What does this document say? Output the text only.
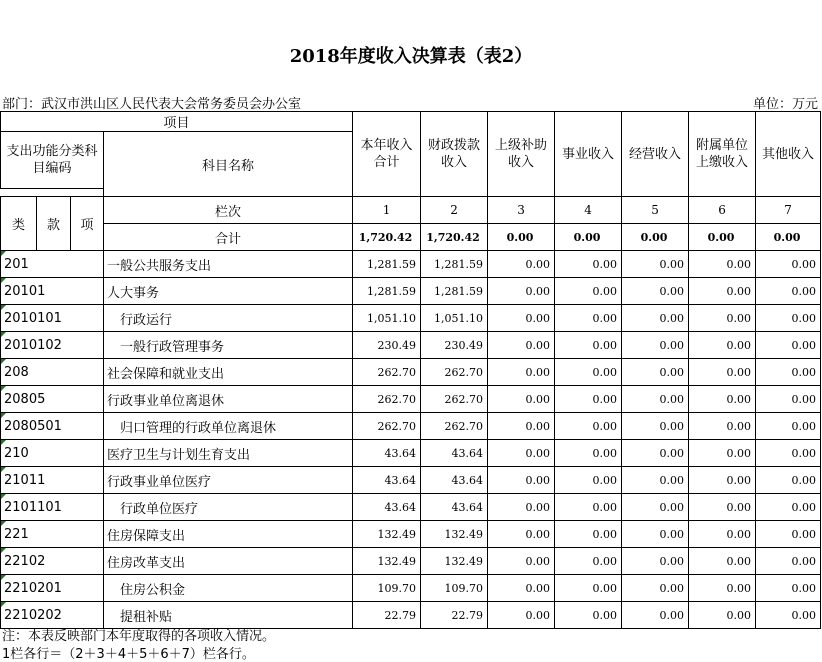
2018年度收入决算表（表2）
部门：武汉市洪山区人民代表大会常务委员会办公室	单位：万元
项目				本年收入合计	财政拨款收入	上级补助收入	事业收入	经营收入	附属单位上缴收入	其他收入
支出功能分类科目编码			科目名称							

类	款	项	栏次	1	2	3	4	5	6	7
			合计	1,720.42	1,720.42	0.00	0.00	0.00	0.00	0.00
201			一般公共服务支出	1,281.59	1,281.59	0.00	0.00	0.00	0.00	0.00
20101			人大事务	1,281.59	1,281.59	0.00	0.00	0.00	0.00	0.00
2010101			行政运行	1,051.10	1,051.10	0.00	0.00	0.00	0.00	0.00
2010102			一般行政管理事务	230.49	230.49	0.00	0.00	0.00	0.00	0.00
208			社会保障和就业支出	262.70	262.70	0.00	0.00	0.00	0.00	0.00
20805			行政事业单位离退休	262.70	262.70	0.00	0.00	0.00	0.00	0.00
2080501			归口管理的行政单位离退休	262.70	262.70	0.00	0.00	0.00	0.00	0.00
210			医疗卫生与计划生育支出	43.64	43.64	0.00	0.00	0.00	0.00	0.00
21011			行政事业单位医疗	43.64	43.64	0.00	0.00	0.00	0.00	0.00
2101101			行政单位医疗	43.64	43.64	0.00	0.00	0.00	0.00	0.00
221			住房保障支出	132.49	132.49	0.00	0.00	0.00	0.00	0.00
22102			住房改革支出	132.49	132.49	0.00	0.00	0.00	0.00	0.00
2210201			住房公积金	109.70	109.70	0.00	0.00	0.00	0.00	0.00
2210202			提租补贴	22.79	22.79	0.00	0.00	0.00	0.00	0.00
注：本表反映部门本年度取得的各项收入情况。
1栏各行＝（2＋3＋4＋5＋6＋7）栏各行。
